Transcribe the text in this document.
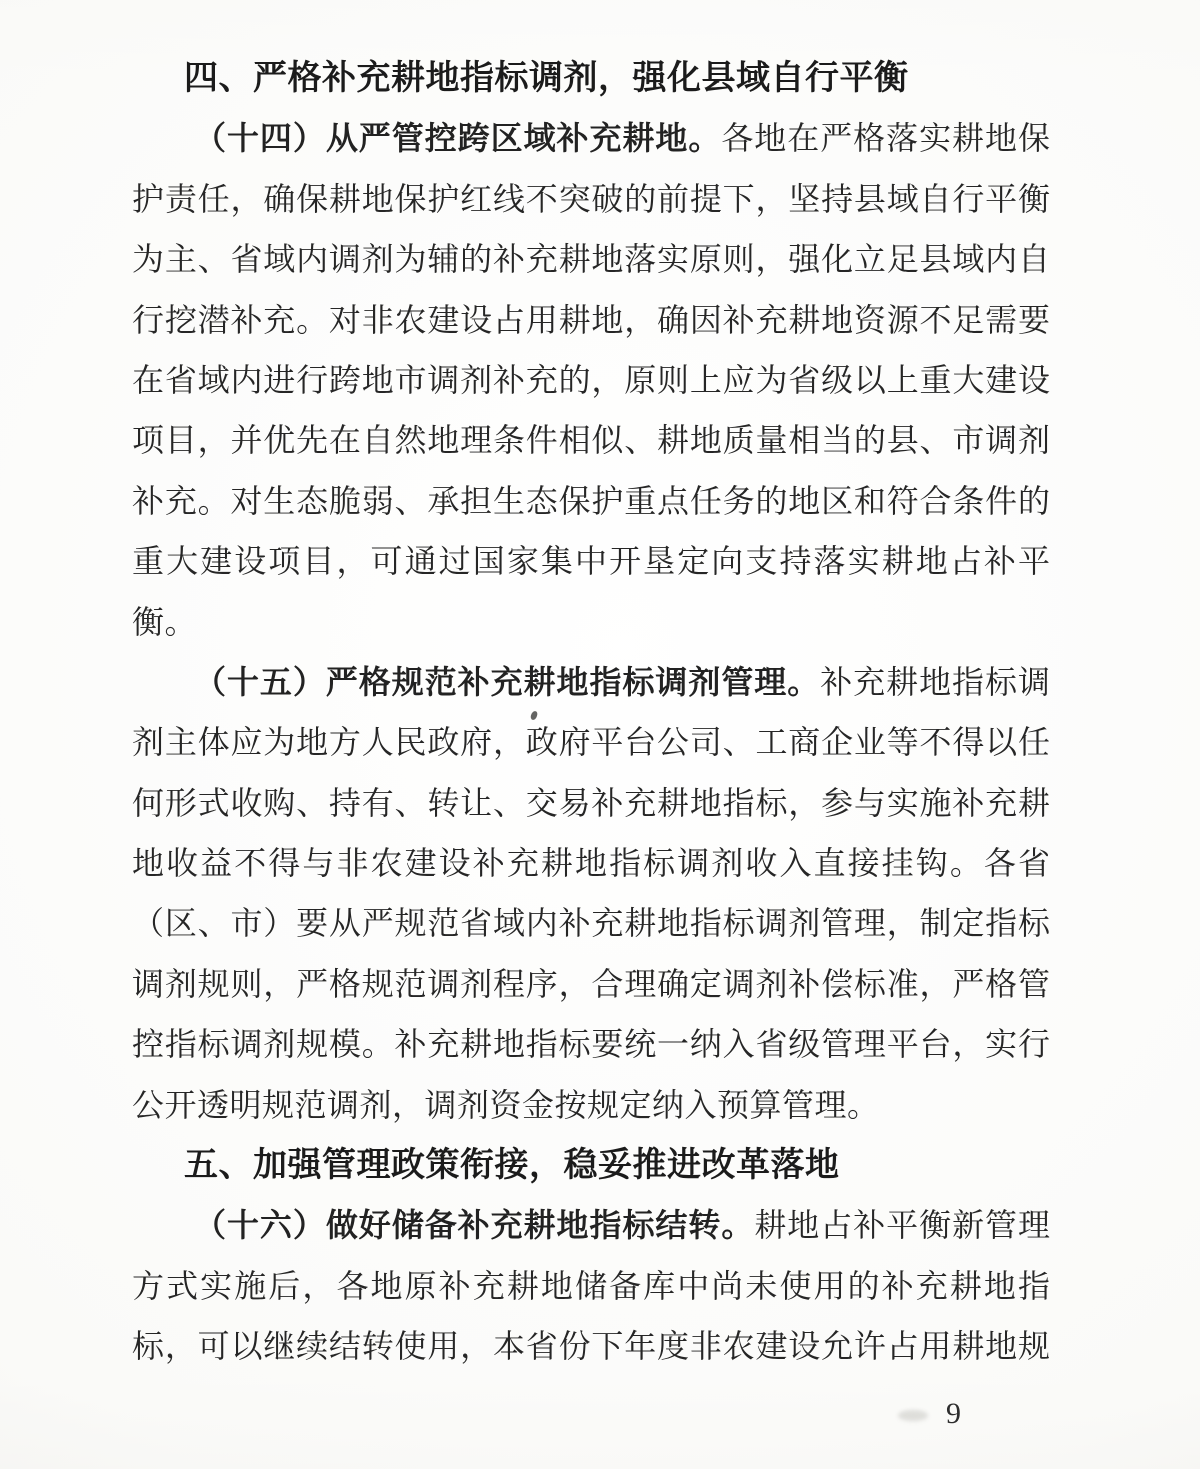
四、严格补充耕地指标调剂，强化县域自行平衡
（十四）从严管控跨区域补充耕地。各地在严格落实耕地保
护责任，确保耕地保护红线不突破的前提下，坚持县域自行平衡
为主、省域内调剂为辅的补充耕地落实原则，强化立足县域内自
行挖潜补充。对非农建设占用耕地，确因补充耕地资源不足需要
在省域内进行跨地市调剂补充的，原则上应为省级以上重大建设
项目，并优先在自然地理条件相似、耕地质量相当的县、市调剂
补充。对生态脆弱、承担生态保护重点任务的地区和符合条件的
重大建设项目，可通过国家集中开垦定向支持落实耕地占补平
衡。
（十五）严格规范补充耕地指标调剂管理。补充耕地指标调
剂主体应为地方人民政府，政府平台公司、工商企业等不得以任
何形式收购、持有、转让、交易补充耕地指标，参与实施补充耕
地收益不得与非农建设补充耕地指标调剂收入直接挂钩。各省
（区、市）要从严规范省域内补充耕地指标调剂管理，制定指标
调剂规则，严格规范调剂程序，合理确定调剂补偿标准，严格管
控指标调剂规模。补充耕地指标要统一纳入省级管理平台，实行
公开透明规范调剂，调剂资金按规定纳入预算管理。
五、加强管理政策衔接，稳妥推进改革落地
（十六）做好储备补充耕地指标结转。耕地占补平衡新管理
方式实施后，各地原补充耕地储备库中尚未使用的补充耕地指
标，可以继续结转使用，本省份下年度非农建设允许占用耕地规
9
